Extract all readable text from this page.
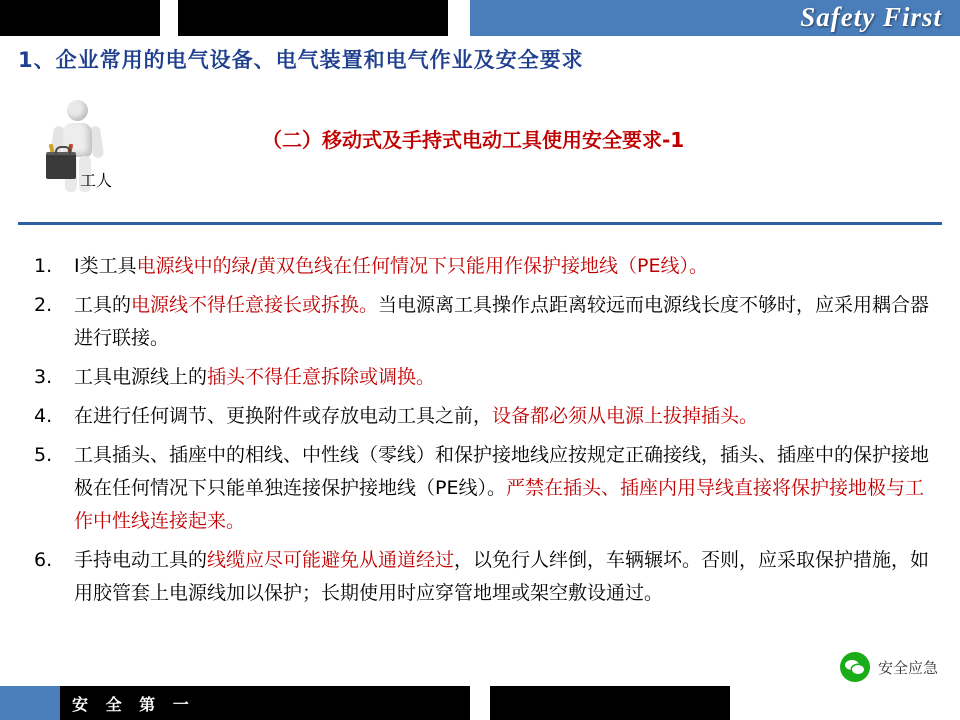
Safety First
1、企业常用的电气设备、电气装置和电气作业及安全要求
工人
（二）移动式及手持式电动工具使用安全要求-1
1.	Ⅰ类工具电源线中的绿/黄双色线在任何情况下只能用作保护接地线（PE线）。
2.	工具的电源线不得任意接长或拆换。当电源离工具操作点距离较远而电源线长度不够时，应采用耦合器进行联接。
3.	工具电源线上的插头不得任意拆除或调换。
4.	在进行任何调节、更换附件或存放电动工具之前，设备都必须从电源上拔掉插头。
5.	工具插头、插座中的相线、中性线（零线）和保护接地线应按规定正确接线，插头、插座中的保护接地极在任何情况下只能单独连接保护接地线（PE线）。严禁在插头、插座内用导线直接将保护接地极与工作中性线连接起来。
6.	手持电动工具的线缆应尽可能避免从通道经过，以免行人绊倒，车辆辗坏。否则，应采取保护措施，如用胶管套上电源线加以保护；长期使用时应穿管地埋或架空敷设通过。
安全应急
安 全 第 一
